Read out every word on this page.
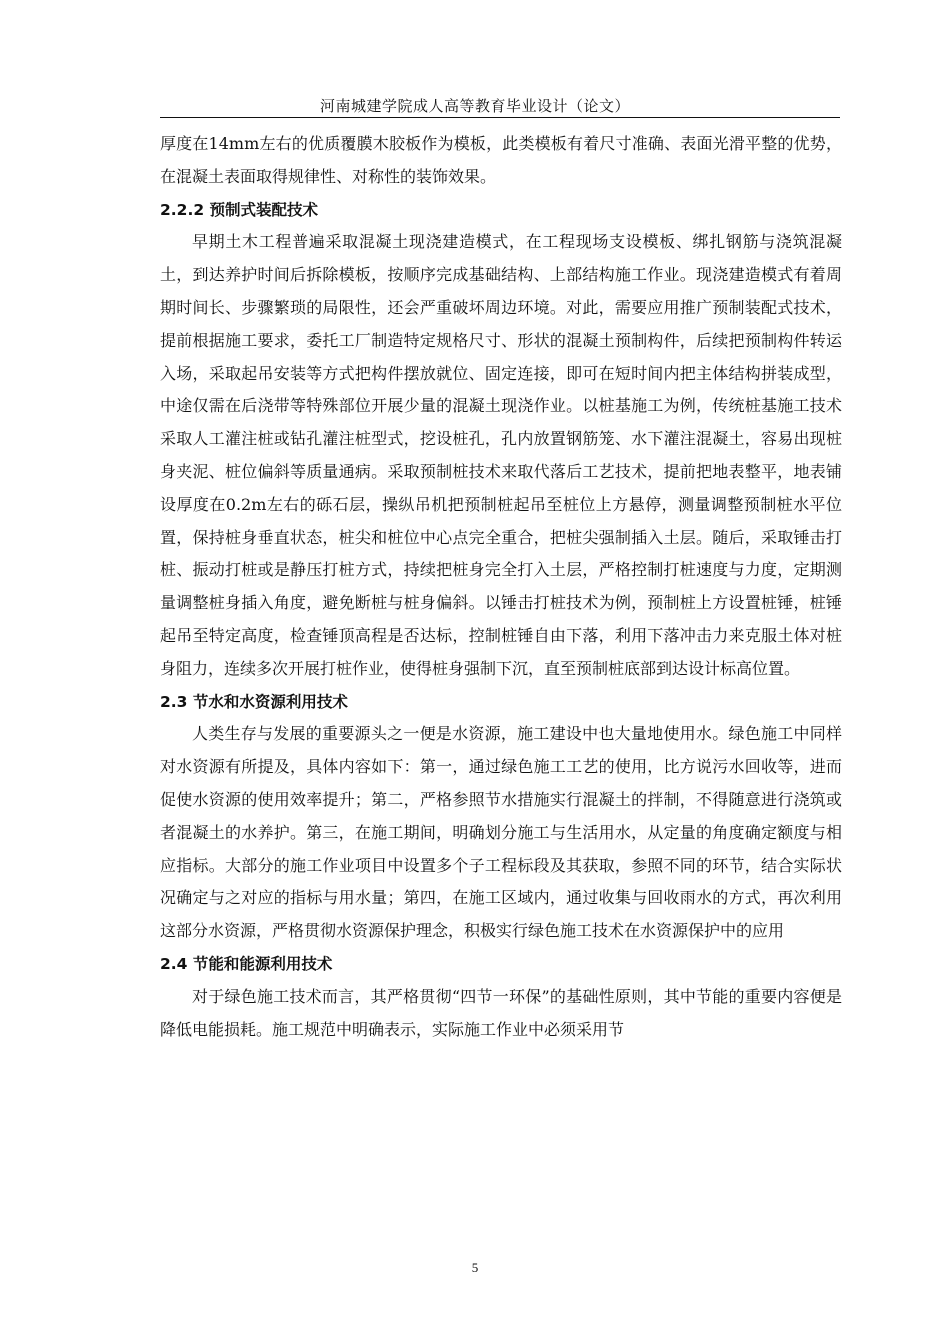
河南城建学院成人高等教育毕业设计（论文）

厚度在14mm左右的优质覆膜木胶板作为模板，此类模板有着尺寸准确、表面光滑平整的优势，在混凝土表面取得规律性、对称性的装饰效果。

2.2.2 预制式装配技术

早期土木工程普遍采取混凝土现浇建造模式，在工程现场支设模板、绑扎钢筋与浇筑混凝土，到达养护时间后拆除模板，按顺序完成基础结构、上部结构施工作业。现浇建造模式有着周期时间长、步骤繁琐的局限性，还会严重破坏周边环境。对此，需要应用推广预制装配式技术，提前根据施工要求，委托工厂制造特定规格尺寸、形状的混凝土预制构件，后续把预制构件转运入场，采取起吊安装等方式把构件摆放就位、固定连接，即可在短时间内把主体结构拼装成型，中途仅需在后浇带等特殊部位开展少量的混凝土现浇作业。以桩基施工为例，传统桩基施工技术采取人工灌注桩或钻孔灌注桩型式，挖设桩孔，孔内放置钢筋笼、水下灌注混凝土，容易出现桩身夹泥、桩位偏斜等质量通病。采取预制桩技术来取代落后工艺技术，提前把地表整平，地表铺设厚度在0.2m左右的砾石层，操纵吊机把预制桩起吊至桩位上方悬停，测量调整预制桩水平位置，保持桩身垂直状态，桩尖和桩位中心点完全重合，把桩尖强制插入土层。随后，采取锤击打桩、振动打桩或是静压打桩方式，持续把桩身完全打入土层，严格控制打桩速度与力度，定期测量调整桩身插入角度，避免断桩与桩身偏斜。以锤击打桩技术为例，预制桩上方设置桩锤，桩锤起吊至特定高度，检查锤顶高程是否达标，控制桩锤自由下落，利用下落冲击力来克服土体对桩身阻力，连续多次开展打桩作业，使得桩身强制下沉，直至预制桩底部到达设计标高位置。

2.3 节水和水资源利用技术

人类生存与发展的重要源头之一便是水资源，施工建设中也大量地使用水。绿色施工中同样对水资源有所提及，具体内容如下：第一，通过绿色施工工艺的使用，比方说污水回收等，进而促使水资源的使用效率提升；第二，严格参照节水措施实行混凝土的拌制，不得随意进行浇筑或者混凝土的水养护。第三，在施工期间，明确划分施工与生活用水，从定量的角度确定额度与相应指标。大部分的施工作业项目中设置多个子工程标段及其获取，参照不同的环节，结合实际状况确定与之对应的指标与用水量；第四，在施工区域内，通过收集与回收雨水的方式，再次利用这部分水资源，严格贯彻水资源保护理念，积极实行绿色施工技术在水资源保护中的应用

2.4 节能和能源利用技术

对于绿色施工技术而言，其严格贯彻“四节一环保”的基础性原则，其中节能的重要内容便是降低电能损耗。施工规范中明确表示，实际施工作业中必须采用节

5
